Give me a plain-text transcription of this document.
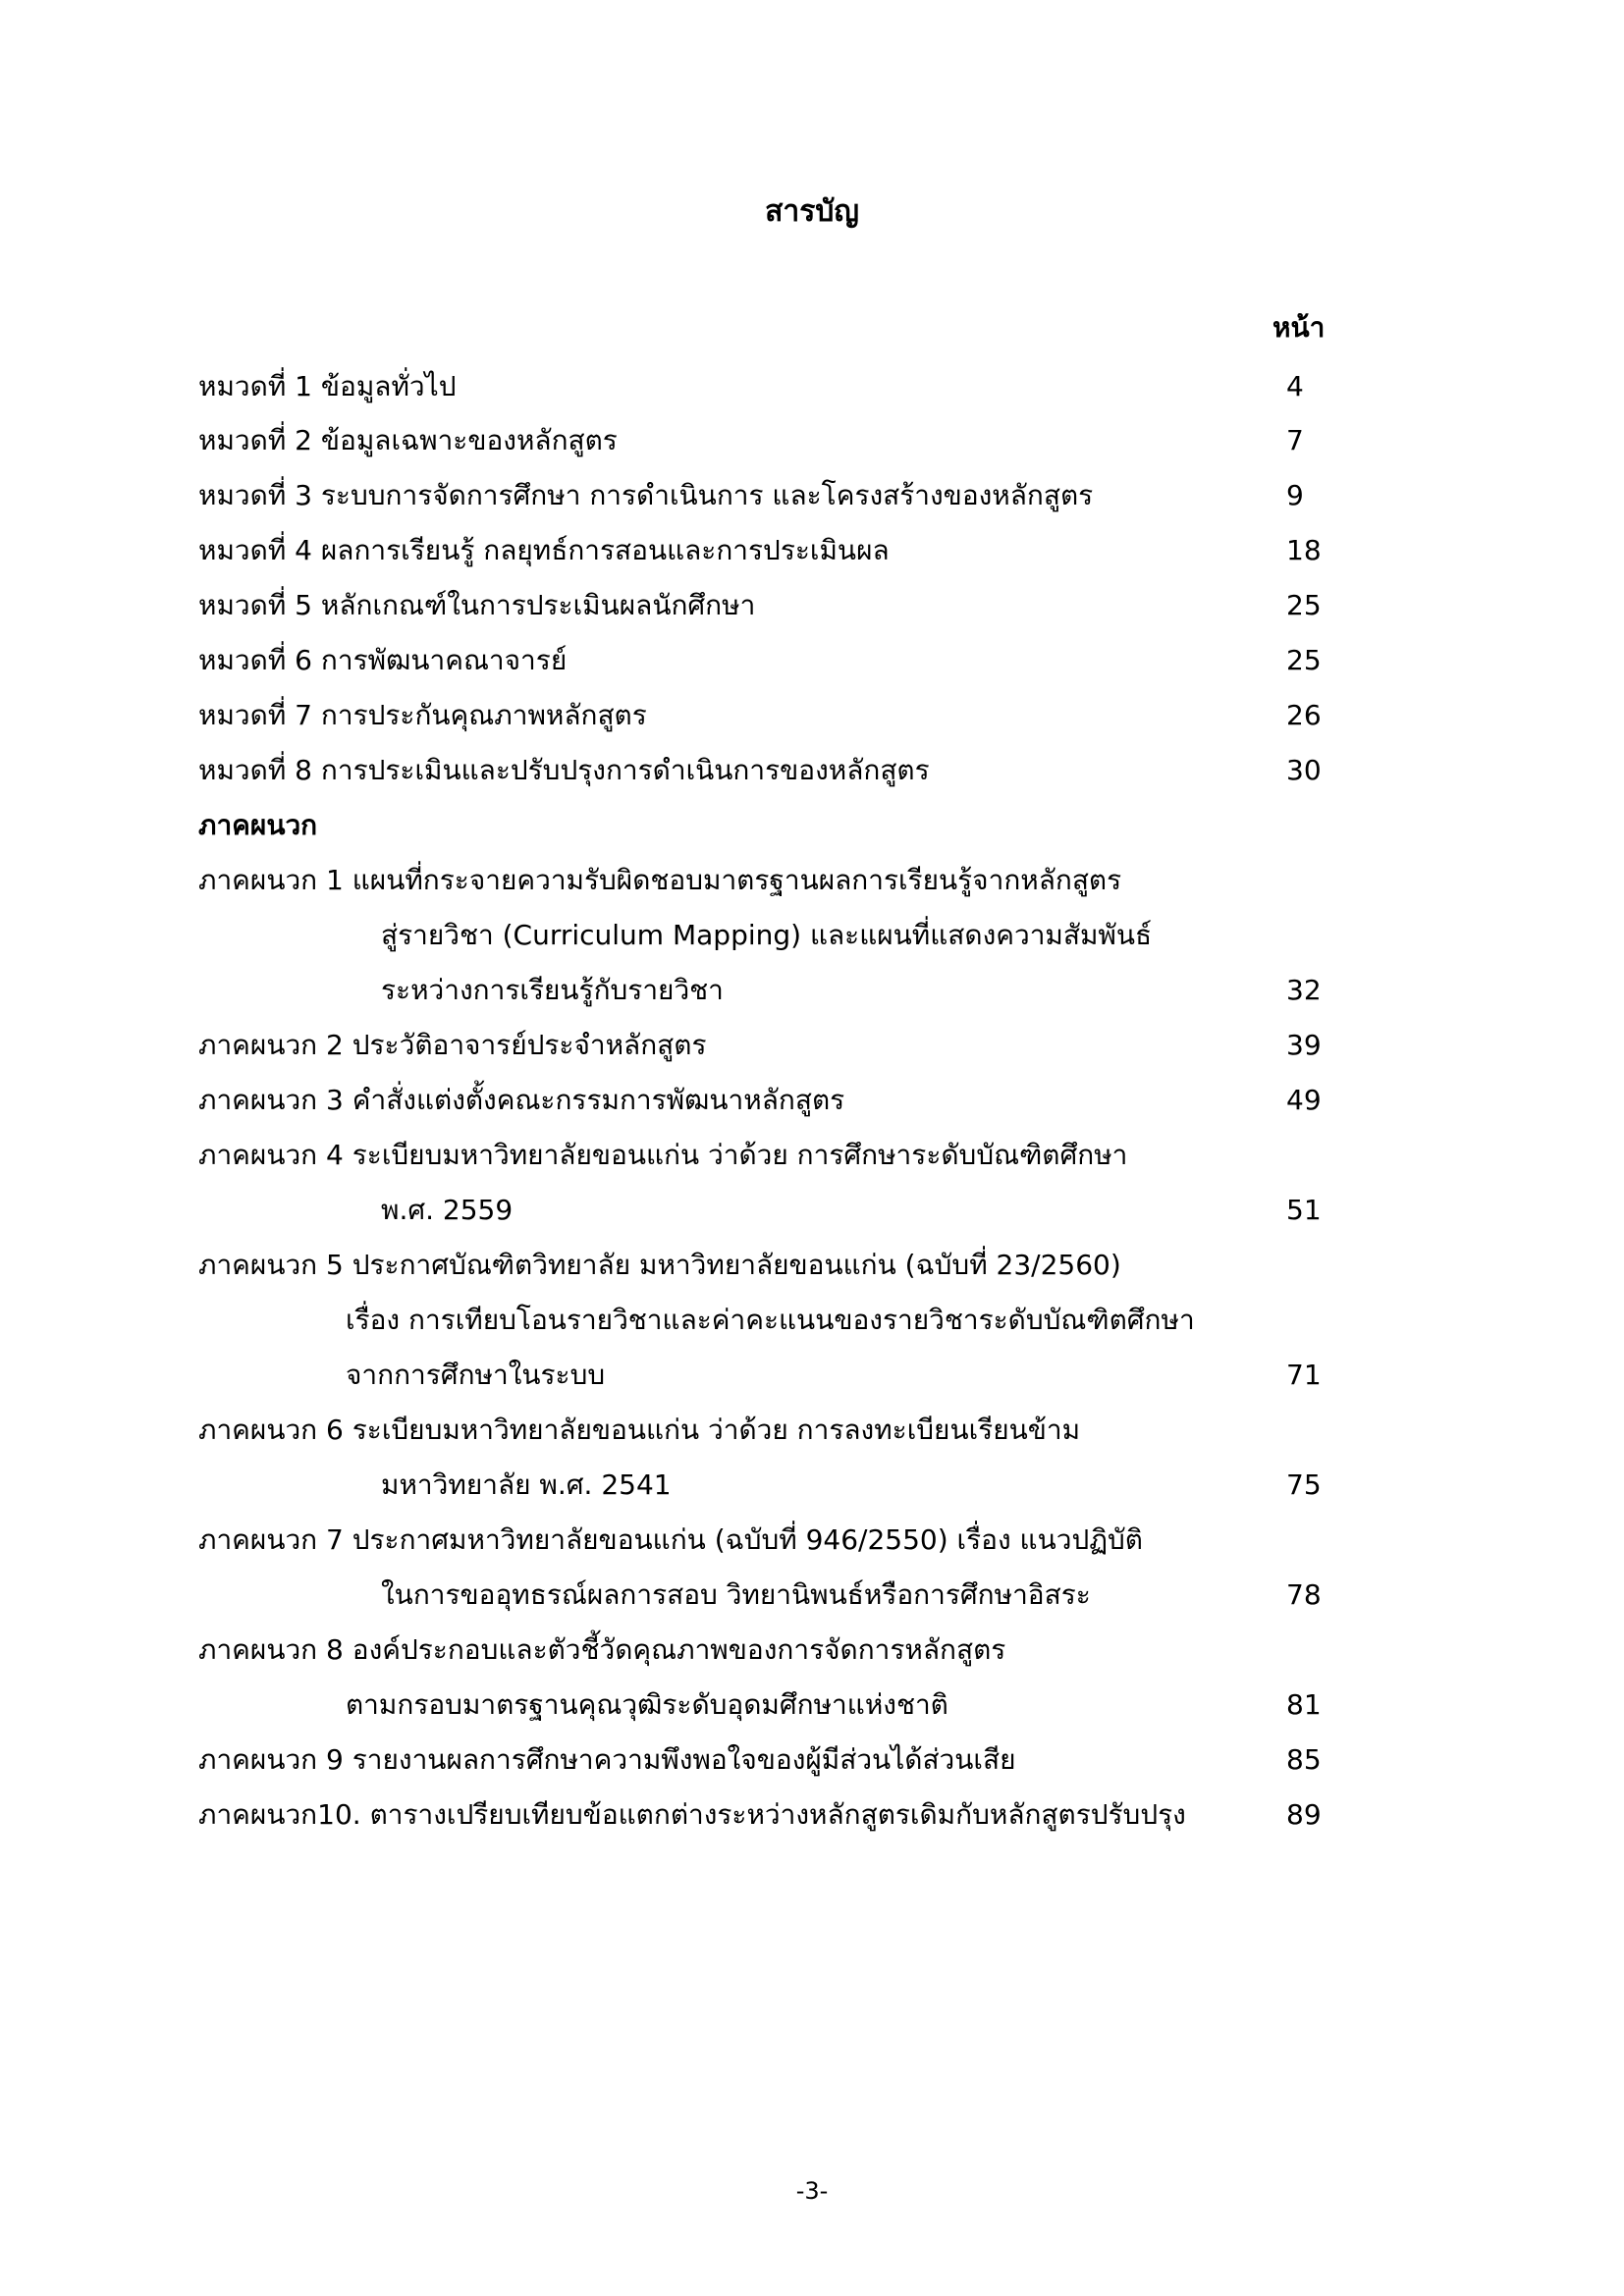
สารบัญ
หน้า
หมวดที่ 1 ข้อมูลทั่วไป	4
หมวดที่ 2 ข้อมูลเฉพาะของหลักสูตร	7
หมวดที่ 3 ระบบการจัดการศึกษา การดำเนินการ และโครงสร้างของหลักสูตร	9
หมวดที่ 4 ผลการเรียนรู้ กลยุทธ์การสอนและการประเมินผล	18
หมวดที่ 5 หลักเกณฑ์ในการประเมินผลนักศึกษา	25
หมวดที่ 6 การพัฒนาคณาจารย์	25
หมวดที่ 7 การประกันคุณภาพหลักสูตร	26
หมวดที่ 8 การประเมินและปรับปรุงการดำเนินการของหลักสูตร	30
ภาคผนวก
ภาคผนวก 1 แผนที่กระจายความรับผิดชอบมาตรฐานผลการเรียนรู้จากหลักสูตร
สู่รายวิชา (Curriculum Mapping) และแผนที่แสดงความสัมพันธ์
ระหว่างการเรียนรู้กับรายวิชา	32
ภาคผนวก 2 ประวัติอาจารย์ประจำหลักสูตร	39
ภาคผนวก 3 คำสั่งแต่งตั้งคณะกรรมการพัฒนาหลักสูตร	49
ภาคผนวก 4 ระเบียบมหาวิทยาลัยขอนแก่น ว่าด้วย การศึกษาระดับบัณฑิตศึกษา
พ.ศ. 2559	51
ภาคผนวก 5 ประกาศบัณฑิตวิทยาลัย มหาวิทยาลัยขอนแก่น (ฉบับที่ 23/2560)
เรื่อง การเทียบโอนรายวิชาและค่าคะแนนของรายวิชาระดับบัณฑิตศึกษา
จากการศึกษาในระบบ	71
ภาคผนวก 6 ระเบียบมหาวิทยาลัยขอนแก่น ว่าด้วย การลงทะเบียนเรียนข้าม
มหาวิทยาลัย พ.ศ. 2541	75
ภาคผนวก 7 ประกาศมหาวิทยาลัยขอนแก่น (ฉบับที่ 946/2550) เรื่อง แนวปฏิบัติ
ในการขออุทธรณ์ผลการสอบ วิทยานิพนธ์หรือการศึกษาอิสระ	78
ภาคผนวก 8 องค์ประกอบและตัวชี้วัดคุณภาพของการจัดการหลักสูตร
ตามกรอบมาตรฐานคุณวุฒิระดับอุดมศึกษาแห่งชาติ	81
ภาคผนวก 9 รายงานผลการศึกษาความพึงพอใจของผู้มีส่วนได้ส่วนเสีย	85
ภาคผนวก10. ตารางเปรียบเทียบข้อแตกต่างระหว่างหลักสูตรเดิมกับหลักสูตรปรับปรุง	89
-3-
